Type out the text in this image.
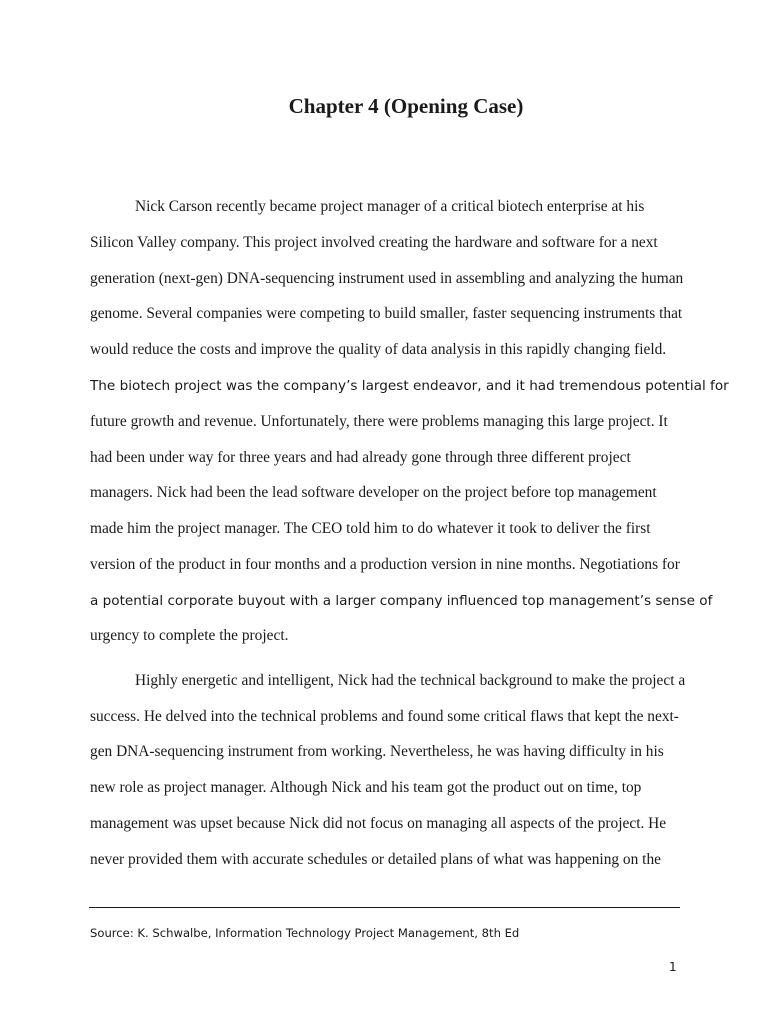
Chapter 4 (Opening Case)
Nick Carson recently became project manager of a critical biotech enterprise at his
Silicon Valley company. This project involved creating the hardware and software for a next
generation (next-gen) DNA-sequencing instrument used in assembling and analyzing the human
genome. Several companies were competing to build smaller, faster sequencing instruments that
would reduce the costs and improve the quality of data analysis in this rapidly changing field.
The biotech project was the company’s largest endeavor, and it had tremendous potential for
future growth and revenue. Unfortunately, there were problems managing this large project. It
had been under way for three years and had already gone through three different project
managers. Nick had been the lead software developer on the project before top management
made him the project manager. The CEO told him to do whatever it took to deliver the first
version of the product in four months and a production version in nine months. Negotiations for
a potential corporate buyout with a larger company influenced top management’s sense of
urgency to complete the project.
Highly energetic and intelligent, Nick had the technical background to make the project a
success. He delved into the technical problems and found some critical flaws that kept the next-
gen DNA-sequencing instrument from working. Nevertheless, he was having difficulty in his
new role as project manager. Although Nick and his team got the product out on time, top
management was upset because Nick did not focus on managing all aspects of the project. He
never provided them with accurate schedules or detailed plans of what was happening on the
Source: K. Schwalbe, Information Technology Project Management, 8th Ed
1
